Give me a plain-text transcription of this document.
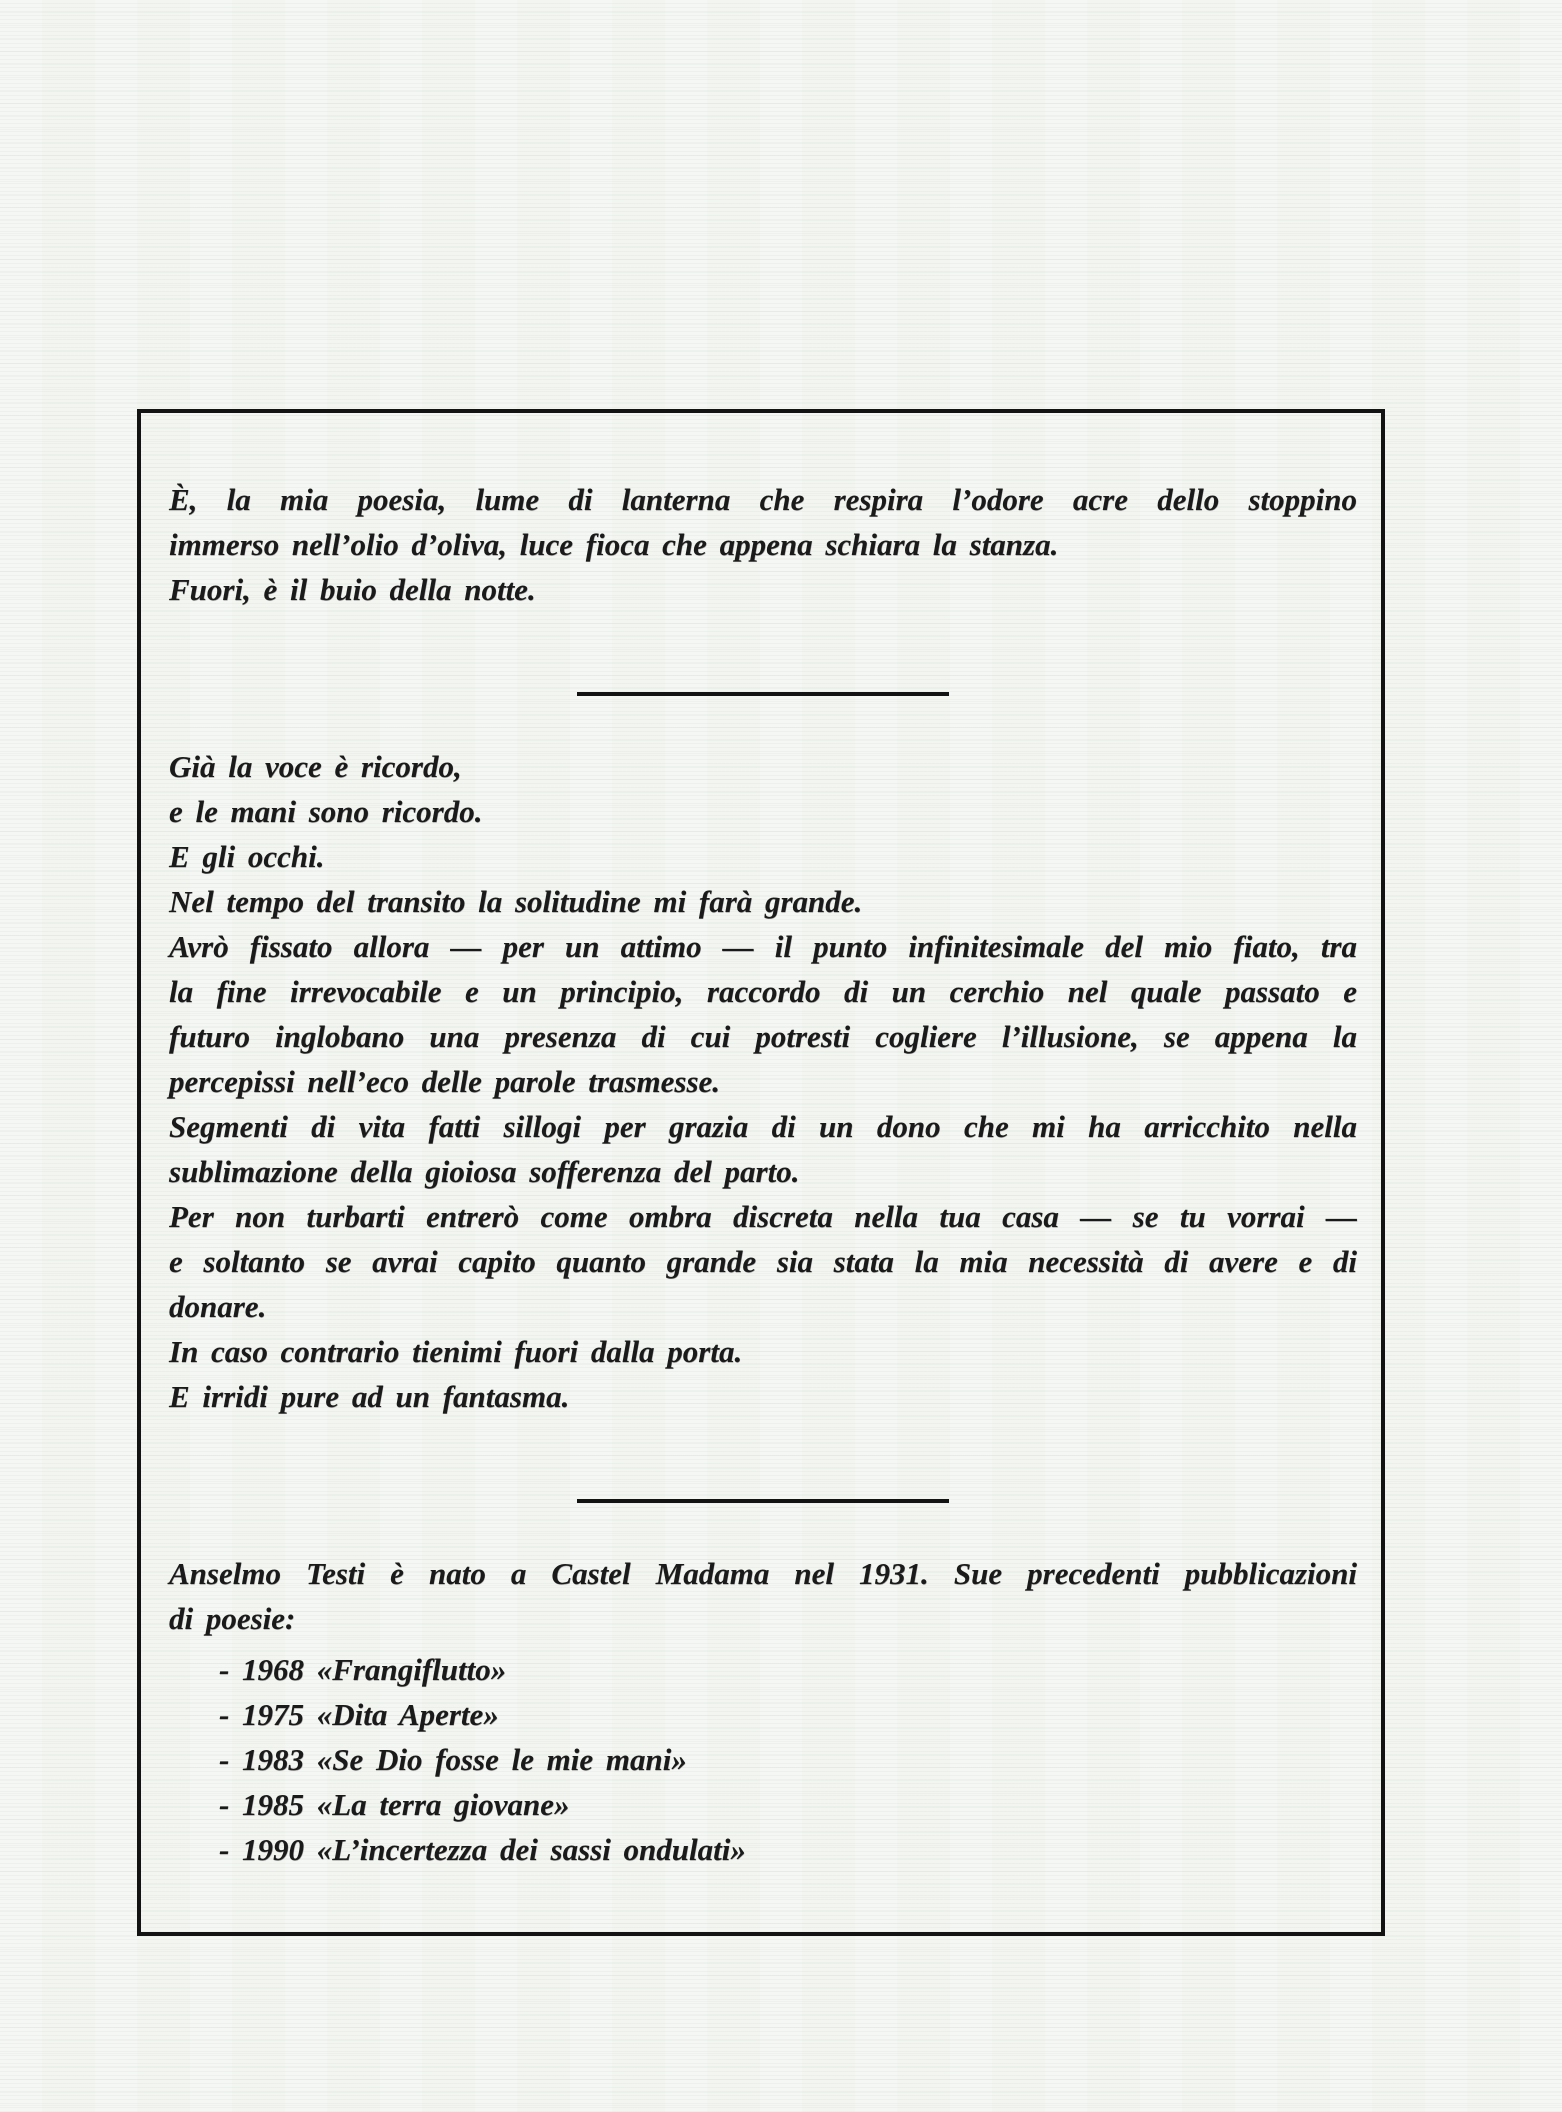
È, la mia poesia, lume di lanterna che respira l’odore acre dello stoppino
immerso nell’olio d’oliva, luce fioca che appena schiara la stanza.
Fuori, è il buio della notte.
Già la voce è ricordo,
e le mani sono ricordo.
E gli occhi.
Nel tempo del transito la solitudine mi farà grande.
Avrò fissato allora — per un attimo — il punto infinitesimale del mio fiato, tra
la fine irrevocabile e un principio, raccordo di un cerchio nel quale passato e
futuro inglobano una presenza di cui potresti cogliere l’illusione, se appena la
percepissi nell’eco delle parole trasmesse.
Segmenti di vita fatti sillogi per grazia di un dono che mi ha arricchito nella
sublimazione della gioiosa sofferenza del parto.
Per non turbarti entrerò come ombra discreta nella tua casa — se tu vorrai —
e soltanto se avrai capito quanto grande sia stata la mia necessità di avere e di
donare.
In caso contrario tienimi fuori dalla porta.
E irridi pure ad un fantasma.
Anselmo Testi è nato a Castel Madama nel 1931. Sue precedenti pubblicazioni
di poesie:
- 1968 «Frangiflutto»
- 1975 «Dita Aperte»
- 1983 «Se Dio fosse le mie mani»
- 1985 «La terra giovane»
- 1990 «L’incertezza dei sassi ondulati»
